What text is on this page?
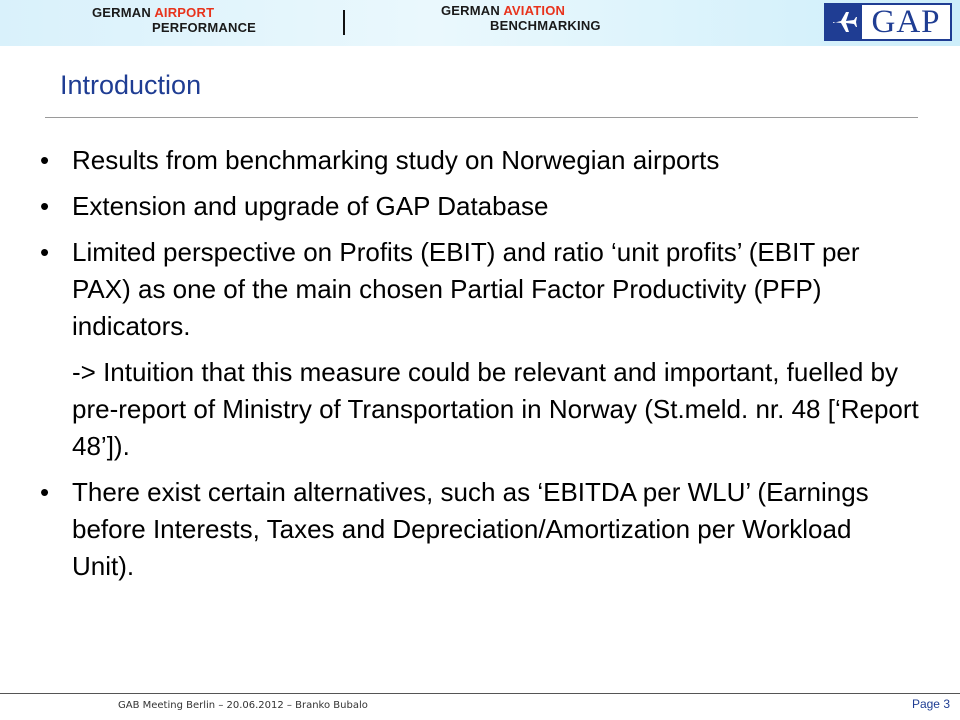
GERMAN AIRPORT
PERFORMANCE
GERMAN AVIATION
BENCHMARKING	GAP
Introduction
• Results from benchmarking study on Norwegian airports
• Extension and upgrade of GAP Database
• Limited perspective on Profits (EBIT) and ratio ‘unit profits’ (EBIT per PAX) as one of the main chosen Partial Factor Productivity (PFP) indicators.
-> Intuition that this measure could be relevant and important, fuelled by pre-report of Ministry of Transportation in Norway (St.meld. nr. 48 [‘Report 48’]).
• There exist certain alternatives, such as ‘EBITDA per WLU’ (Earnings before Interests, Taxes and Depreciation/Amortization per Workload Unit).
GAB Meeting Berlin – 20.06.2012 – Branko Bubalo	Page 3
